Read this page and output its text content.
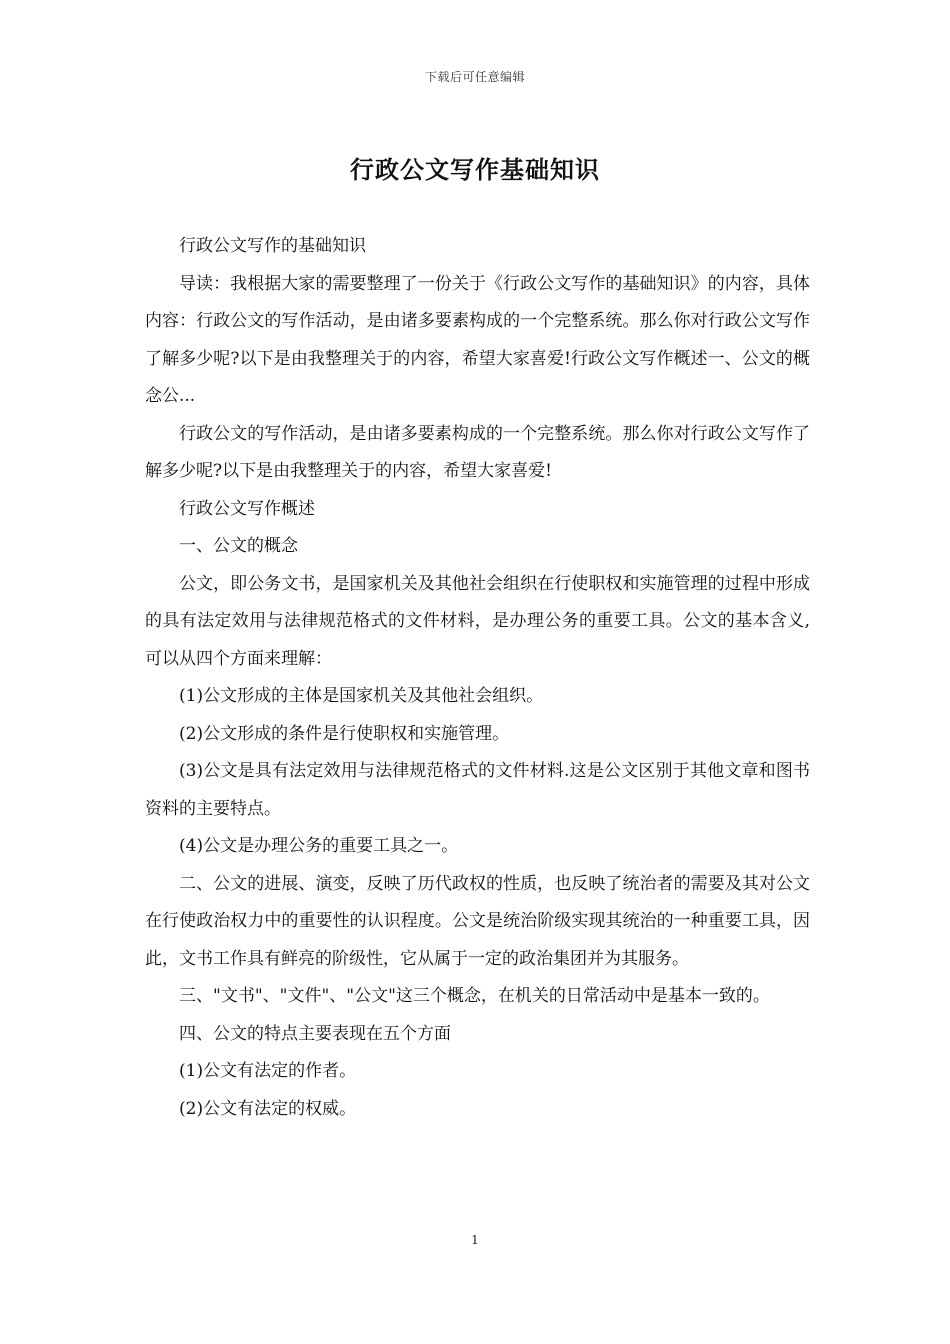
下载后可任意编辑
行政公文写作基础知识

行政公文写作的基础知识

导读：我根据大家的需要整理了一份关于《行政公文写作的基础知识》的内容，具体内容：行政公文的写作活动，是由诸多要素构成的一个完整系统。那么你对行政公文写作了解多少呢?以下是由我整理关于的内容，希望大家喜爱!行政公文写作概述一、公文的概念公...

行政公文的写作活动，是由诸多要素构成的一个完整系统。那么你对行政公文写作了解多少呢?以下是由我整理关于的内容，希望大家喜爱!

行政公文写作概述

一、公文的概念

公文，即公务文书，是国家机关及其他社会组织在行使职权和实施管理的过程中形成的具有法定效用与法律规范格式的文件材料，是办理公务的重要工具。公文的基本含义,可以从四个方面来理解：

(1)公文形成的主体是国家机关及其他社会组织。

(2)公文形成的条件是行使职权和实施管理。

(3)公文是具有法定效用与法律规范格式的文件材料.这是公文区别于其他文章和图书资料的主要特点。

(4)公文是办理公务的重要工具之一。

二、公文的进展、演变，反映了历代政权的性质，也反映了统治者的需要及其对公文在行使政治权力中的重要性的认识程度。公文是统治阶级实现其统治的一种重要工具，因此，文书工作具有鲜亮的阶级性，它从属于一定的政治集团并为其服务。

三、"文书"、"文件"、"公文"这三个概念，在机关的日常活动中是基本一致的。

四、公文的特点主要表现在五个方面

(1)公文有法定的作者。

(2)公文有法定的权威。

1
